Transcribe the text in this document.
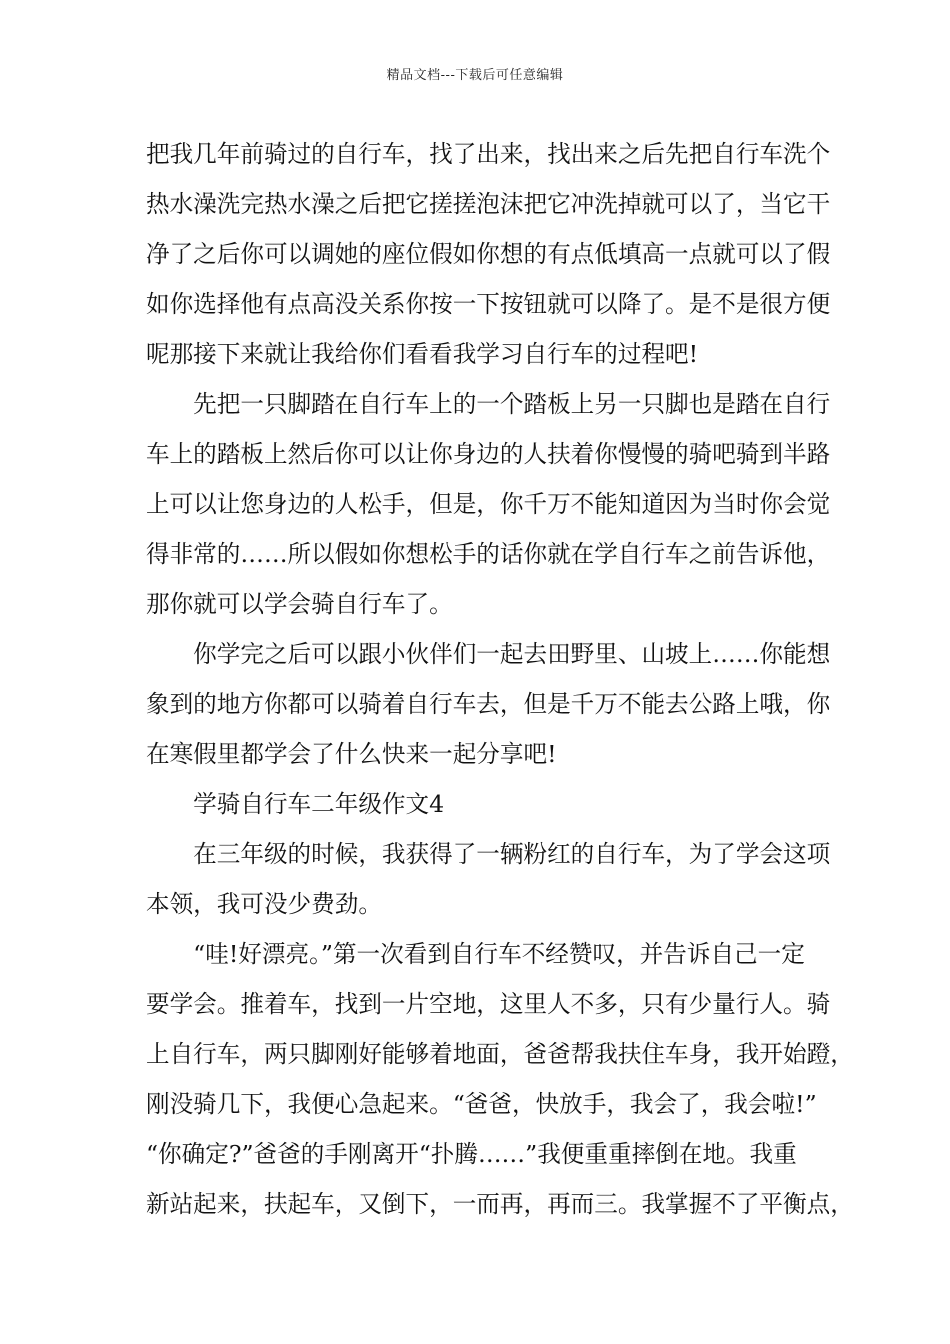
精品文档---下载后可任意编辑
把我几年前骑过的自行车，找了出来，找出来之后先把自行车洗个
热水澡洗完热水澡之后把它搓搓泡沫把它冲洗掉就可以了，当它干
净了之后你可以调她的座位假如你想的有点低填高一点就可以了假
如你选择他有点高没关系你按一下按钮就可以降了。是不是很方便
呢那接下来就让我给你们看看我学习自行车的过程吧!
　　先把一只脚踏在自行车上的一个踏板上另一只脚也是踏在自行
车上的踏板上然后你可以让你身边的人扶着你慢慢的骑吧骑到半路
上可以让您身边的人松手，但是，你千万不能知道因为当时你会觉
得非常的……所以假如你想松手的话你就在学自行车之前告诉他，
那你就可以学会骑自行车了。
　　你学完之后可以跟小伙伴们一起去田野里、山坡上……你能想
象到的地方你都可以骑着自行车去，但是千万不能去公路上哦，你
在寒假里都学会了什么快来一起分享吧!
　　学骑自行车二年级作文4
　　在三年级的时候，我获得了一辆粉红的自行车，为了学会这项
本领，我可没少费劲。
　　“哇!好漂亮。”第一次看到自行车不经赞叹，并告诉自己一定
要学会。推着车，找到一片空地，这里人不多，只有少量行人。骑
上自行车，两只脚刚好能够着地面，爸爸帮我扶住车身，我开始蹬，
刚没骑几下，我便心急起来。“爸爸，快放手，我会了，我会啦!”
“你确定?”爸爸的手刚离开“扑腾……”我便重重摔倒在地。我重
新站起来，扶起车，又倒下，一而再，再而三。我掌握不了平衡点，
